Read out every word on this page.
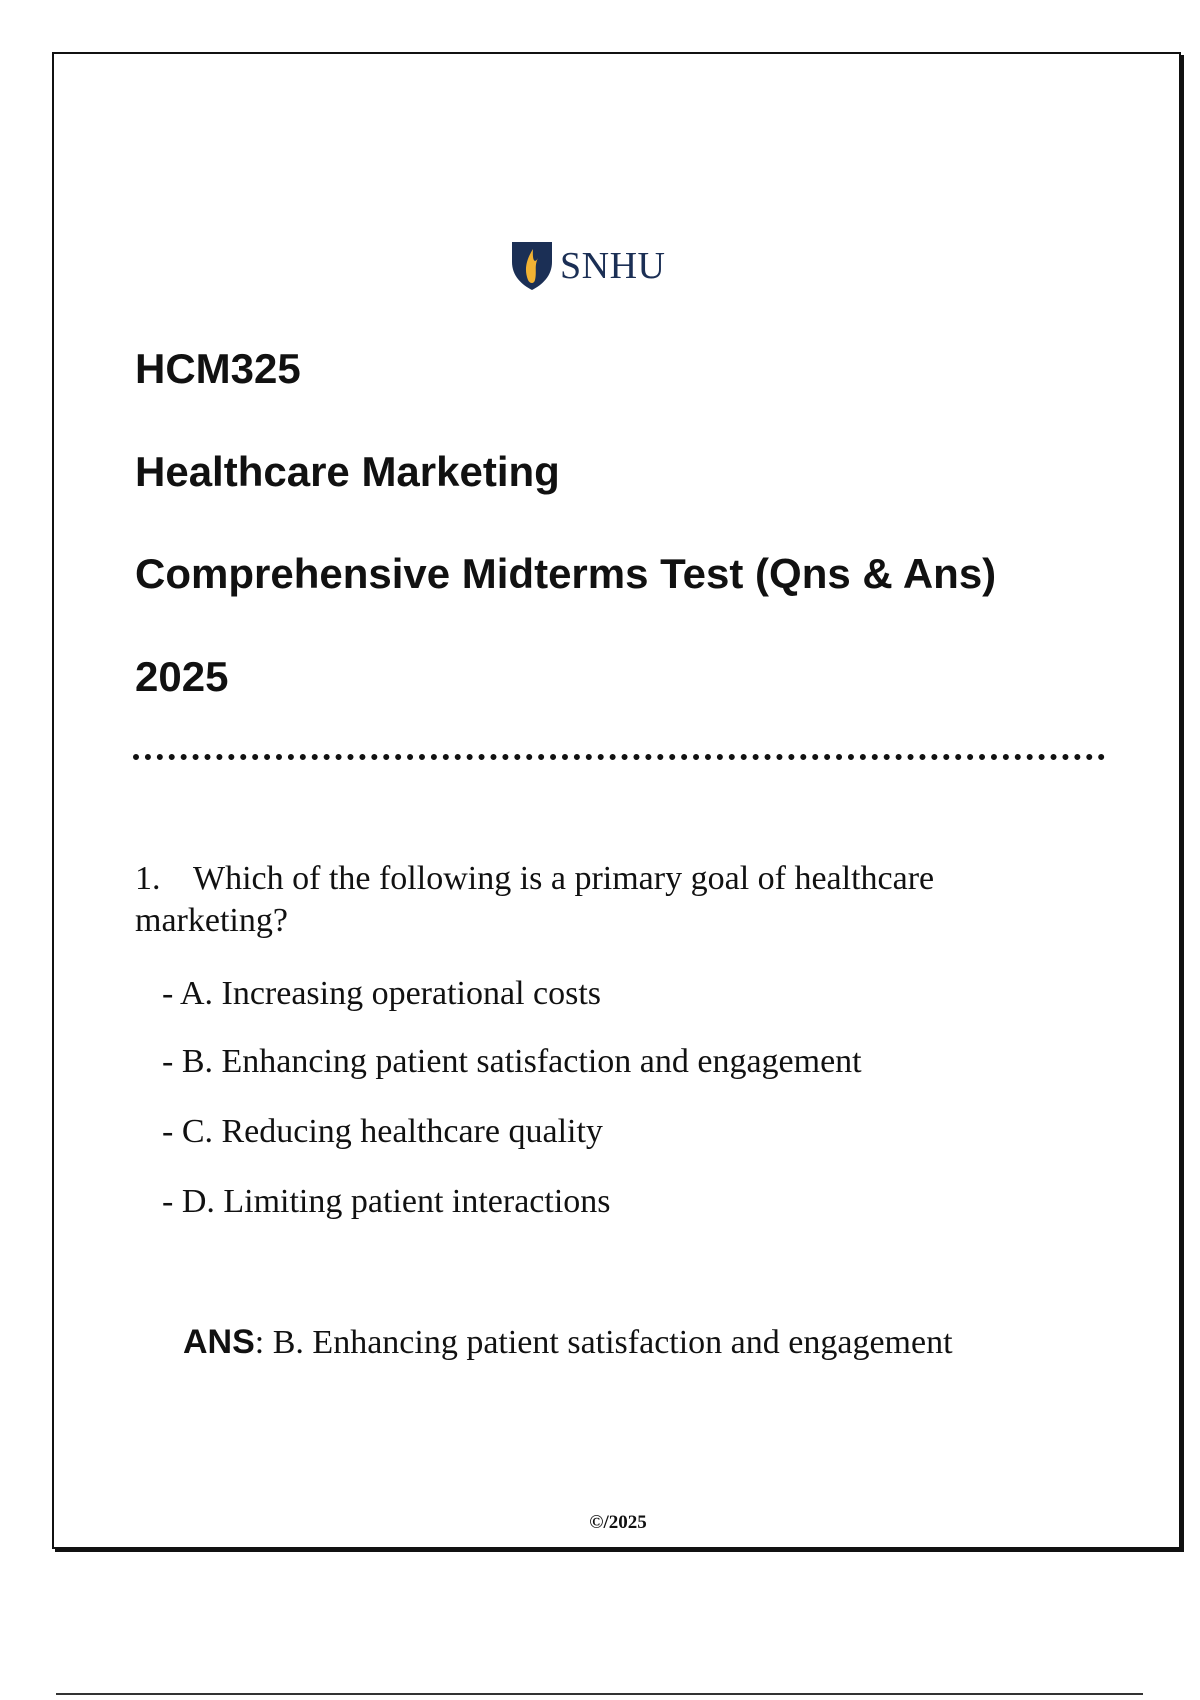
SNHU
HCM325
Healthcare Marketing
Comprehensive Midterms Test (Qns & Ans)
2025
1. Which of the following is a primary goal of healthcare marketing?
- A. Increasing operational costs
- B. Enhancing patient satisfaction and engagement
- C. Reducing healthcare quality
- D. Limiting patient interactions
ANS: B. Enhancing patient satisfaction and engagement
©/2025
